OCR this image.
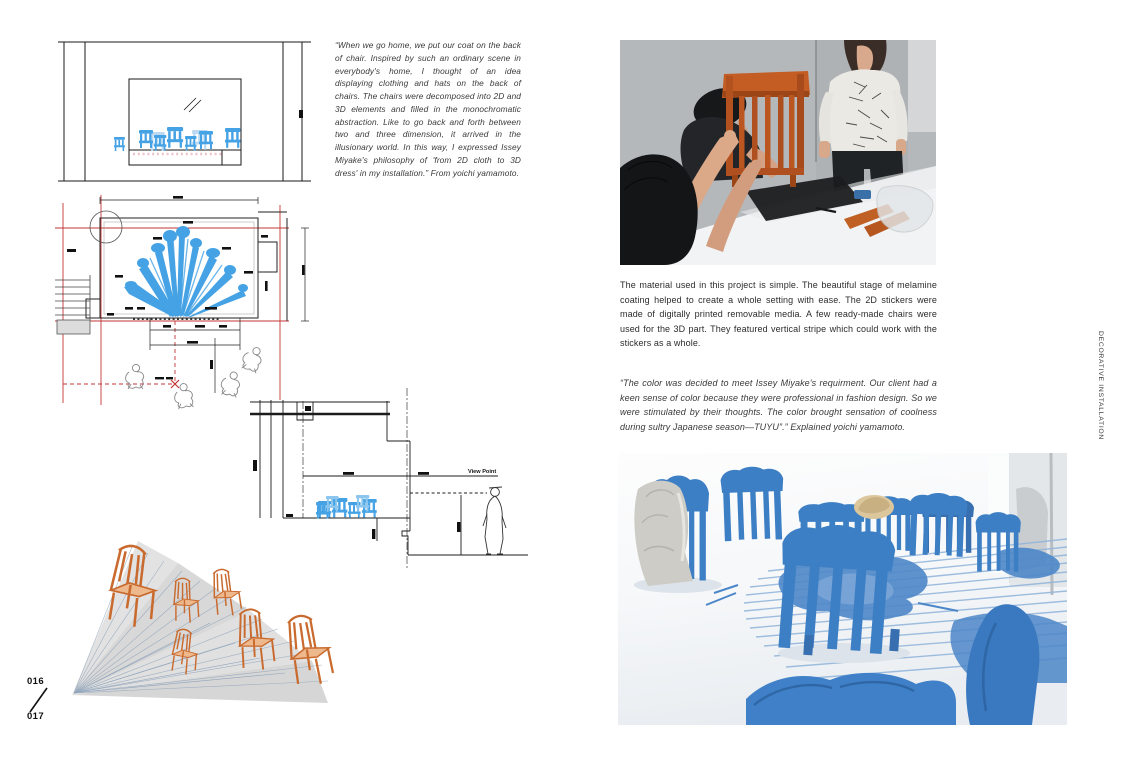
“When we go home, we put our coat on the back of chair. Inspired by such an ordinary scene in everybody's home, I thought of an idea displaying clothing and hats on the back of chairs. The chairs were decomposed into 2D and 3D elements and filled in the monochromatic abstraction. Like to go back and forth between two and three dimension, it arrived in the illusionary world. In this way, I expressed Issey Miyake's philosophy of 'from 2D cloth to 3D dress' in my installation.” From yoichi yamamoto.
View Point
016
017
The material used in this project is simple. The beautiful stage of melamine coating helped to create a whole setting with ease. The 2D stickers were made of digitally printed removable media. A few ready-made chairs were used for the 3D part. They featured vertical stripe which could work with the stickers as a whole.
“The color was decided to meet Issey Miyake's requirment. Our client had a keen sense of color because they were professional in fashion design. So we were stimulated by their thoughts. The color brought sensation of coolness during sultry Japanese season—TUYU”.” Explained yoichi yamamoto.	DECORATIVE INSTALLATION
